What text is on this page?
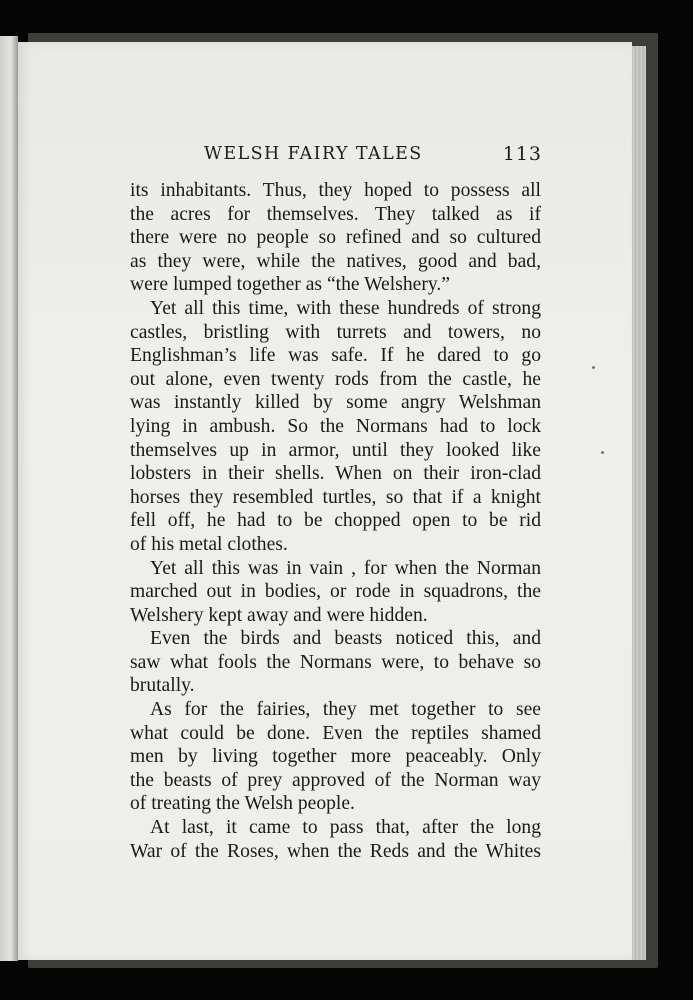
WELSH FAIRY TALES	113
its inhabitants. Thus, they hoped to possess all
the acres for themselves. They talked as if
there were no people so refined and so cultured
as they were, while the natives, good and bad,
were lumped together as “the Welshery.”
Yet all this time, with these hundreds of strong
castles, bristling with turrets and towers, no
Englishman’s life was safe. If he dared to go
out alone, even twenty rods from the castle, he
was instantly killed by some angry Welshman
lying in ambush. So the Normans had to lock
themselves up in armor, until they looked like
lobsters in their shells. When on their iron-clad
horses they resembled turtles, so that if a knight
fell off, he had to be chopped open to be rid
of his metal clothes.
Yet all this was in vain , for when the Norman
marched out in bodies, or rode in squadrons, the
Welshery kept away and were hidden.
Even the birds and beasts noticed this, and
saw what fools the Normans were, to behave so
brutally.
As for the fairies, they met together to see
what could be done. Even the reptiles shamed
men by living together more peaceably. Only
the beasts of prey approved of the Norman way
of treating the Welsh people.
At last, it came to pass that, after the long
War of the Roses, when the Reds and the Whites
